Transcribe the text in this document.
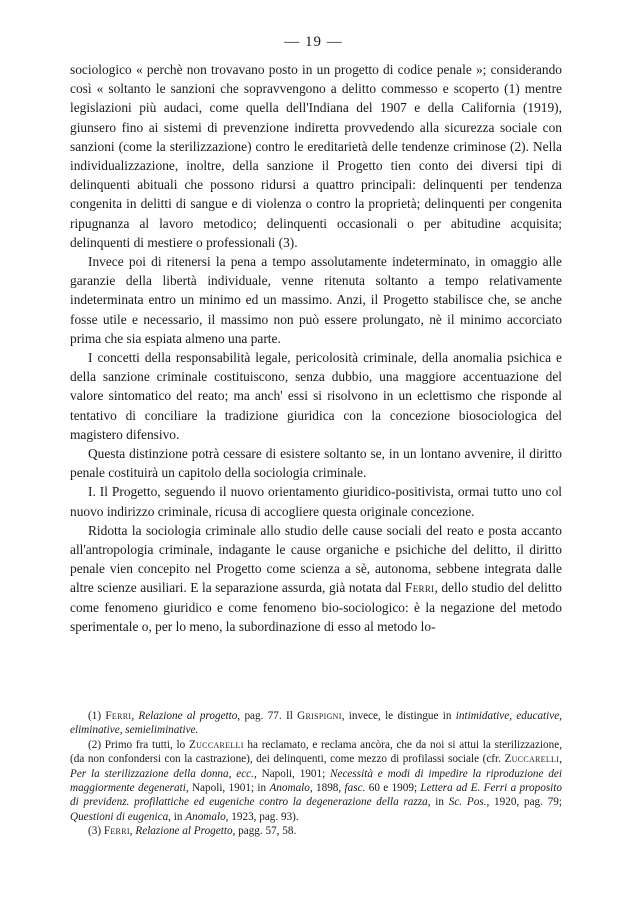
— 19 —

sociologico « perchè non trovavano posto in un progetto di codice penale »; considerando così « soltanto le sanzioni che sopravvengono a delitto commesso e scoperto (1) mentre legislazioni più audaci, come quella dell'Indiana del 1907 e della California (1919), giunsero fino ai sistemi di prevenzione indiretta provvedendo alla sicurezza sociale con sanzioni (come la sterilizzazione) contro le ereditarietà delle tendenze criminose (2). Nella individualizzazione, inoltre, della sanzione il Progetto tien conto dei diversi tipi di delinquenti abituali che possono ridursi a quattro principali: delinquenti per tendenza congenita in delitti di sangue e di violenza o contro la proprietà; delinquenti per congenita ripugnanza al lavoro metodico; delinquenti occasionali o per abitudine acquisita; delinquenti di mestiere o professionali (3).

Invece poi di ritenersi la pena a tempo assolutamente indeterminato, in omaggio alle garanzie della libertà individuale, venne ritenuta soltanto a tempo relativamente indeterminata entro un minimo ed un massimo. Anzi, il Progetto stabilisce che, se anche fosse utile e necessario, il massimo non può essere prolungato, nè il minimo accorciato prima che sia espiata almeno una parte.

I concetti della responsabilità legale, pericolosità criminale, della anomalia psichica e della sanzione criminale costituiscono, senza dubbio, una maggiore accentuazione del valore sintomatico del reato; ma anch' essi si risolvono in un eclettismo che risponde al tentativo di conciliare la tradizione giuridica con la concezione biosociologica del magistero difensivo.

Questa distinzione potrà cessare di esistere soltanto se, in un lontano avvenire, il diritto penale costituirà un capitolo della sociologia criminale.

I. Il Progetto, seguendo il nuovo orientamento giuridico-positivista, ormai tutto uno col nuovo indirizzo criminale, ricusa di accogliere questa originale concezione.

Ridotta la sociologia criminale allo studio delle cause sociali del reato e posta accanto all'antropologia criminale, indagante le cause organiche e psichiche del delitto, il diritto penale vien concepito nel Progetto come scienza a sè, autonoma, sebbene integrata dalle altre scienze ausiliari. E la separazione assurda, già notata dal Ferri, dello studio del delitto come fenomeno giuridico e come fenomeno bio-sociologico: è la negazione del metodo sperimentale o, per lo meno, la subordinazione di esso al metodo lo-

(1) Ferri, Relazione al progetto, pag. 77. Il Grispigni, invece, le distingue in intimidative, educative, eliminative, semieliminative.

(2) Primo fra tutti, lo Zuccarelli ha reclamato, e reclama ancòra, che da noi si attui la sterilizzazione, (da non confondersi con la castrazione), dei delinquenti, come mezzo di profilassi sociale (cfr. Zuccarelli, Per la sterilizzazione della donna, ecc., Napoli, 1901; Necessità e modi di impedire la riproduzione dei maggiormente degenerati, Napoli, 1901; in Anomalo, 1898, fasc. 60 e 1909; Lettera ad E. Ferri a proposito di previdenz. profilattiche ed eugeniche contro la degenerazione della razza, in Sc. Pos., 1920, pag. 79; Questioni di eugenica, in Anomalo, 1923, pag. 93).

(3) Ferri, Relazione al Progetto, pagg. 57, 58.
